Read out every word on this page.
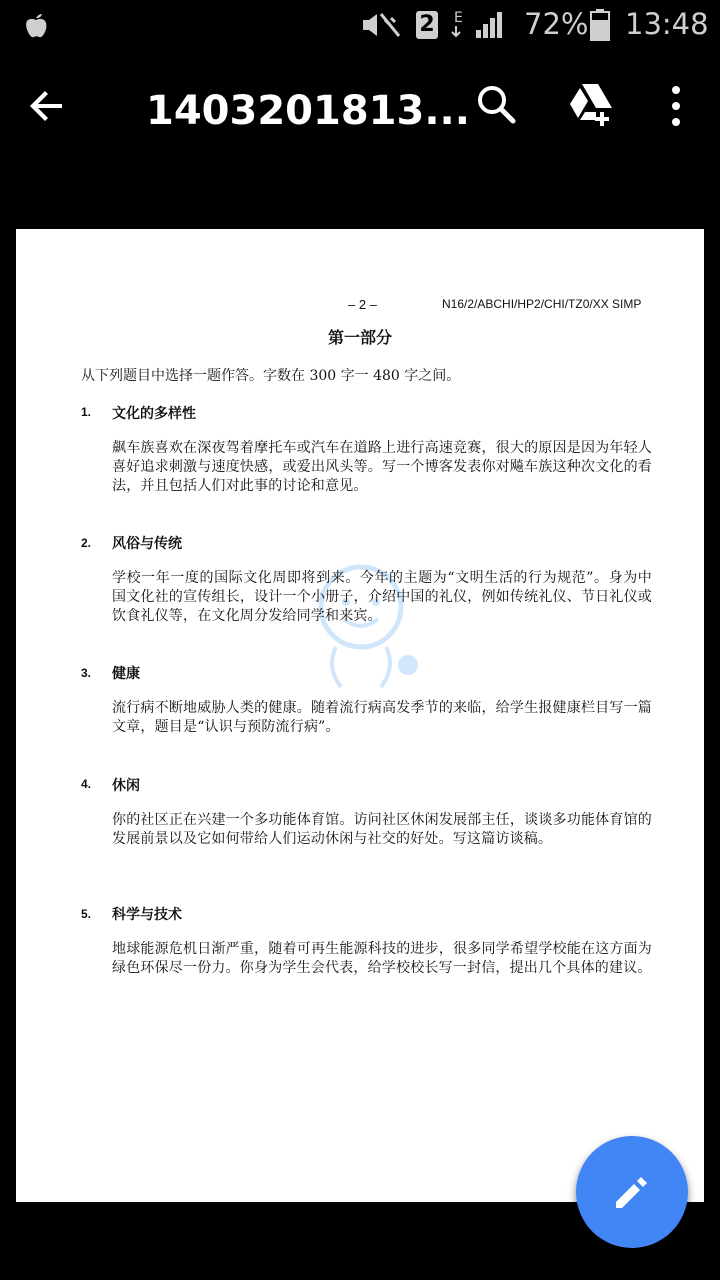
2 E 72% 13:48
1403201813...
– 2 –	N16/2/ABCHI/HP2/CHI/TZ0/XX SIMP
第一部分
从下列题目中选择一题作答。字数在 300 字一 480 字之间。
1. 文化的多样性
飙车族喜欢在深夜驾着摩托车或汽车在道路上进行高速竞赛，很大的原因是因为年轻人喜好追求刺激与速度快感，或爱出风头等。写一个博客发表你对飚车族这种次文化的看法，并且包括人们对此事的讨论和意见。
2. 风俗与传统
学校一年一度的国际文化周即将到来。今年的主题为“文明生活的行为规范”。身为中国文化社的宣传组长，设计一个小册子，介绍中国的礼仪，例如传统礼仪、节日礼仪或饮食礼仪等，在文化周分发给同学和来宾。
3. 健康
流行病不断地威胁人类的健康。随着流行病高发季节的来临，给学生报健康栏目写一篇文章，题目是“认识与预防流行病”。
4. 休闲
你的社区正在兴建一个多功能体育馆。访问社区休闲发展部主任，谈谈多功能体育馆的发展前景以及它如何带给人们运动休闲与社交的好处。写这篇访谈稿。
5. 科学与技术
地球能源危机日渐严重，随着可再生能源科技的进步，很多同学希望学校能在这方面为绿色环保尽一份力。你身为学生会代表，给学校校长写一封信，提出几个具体的建议。
